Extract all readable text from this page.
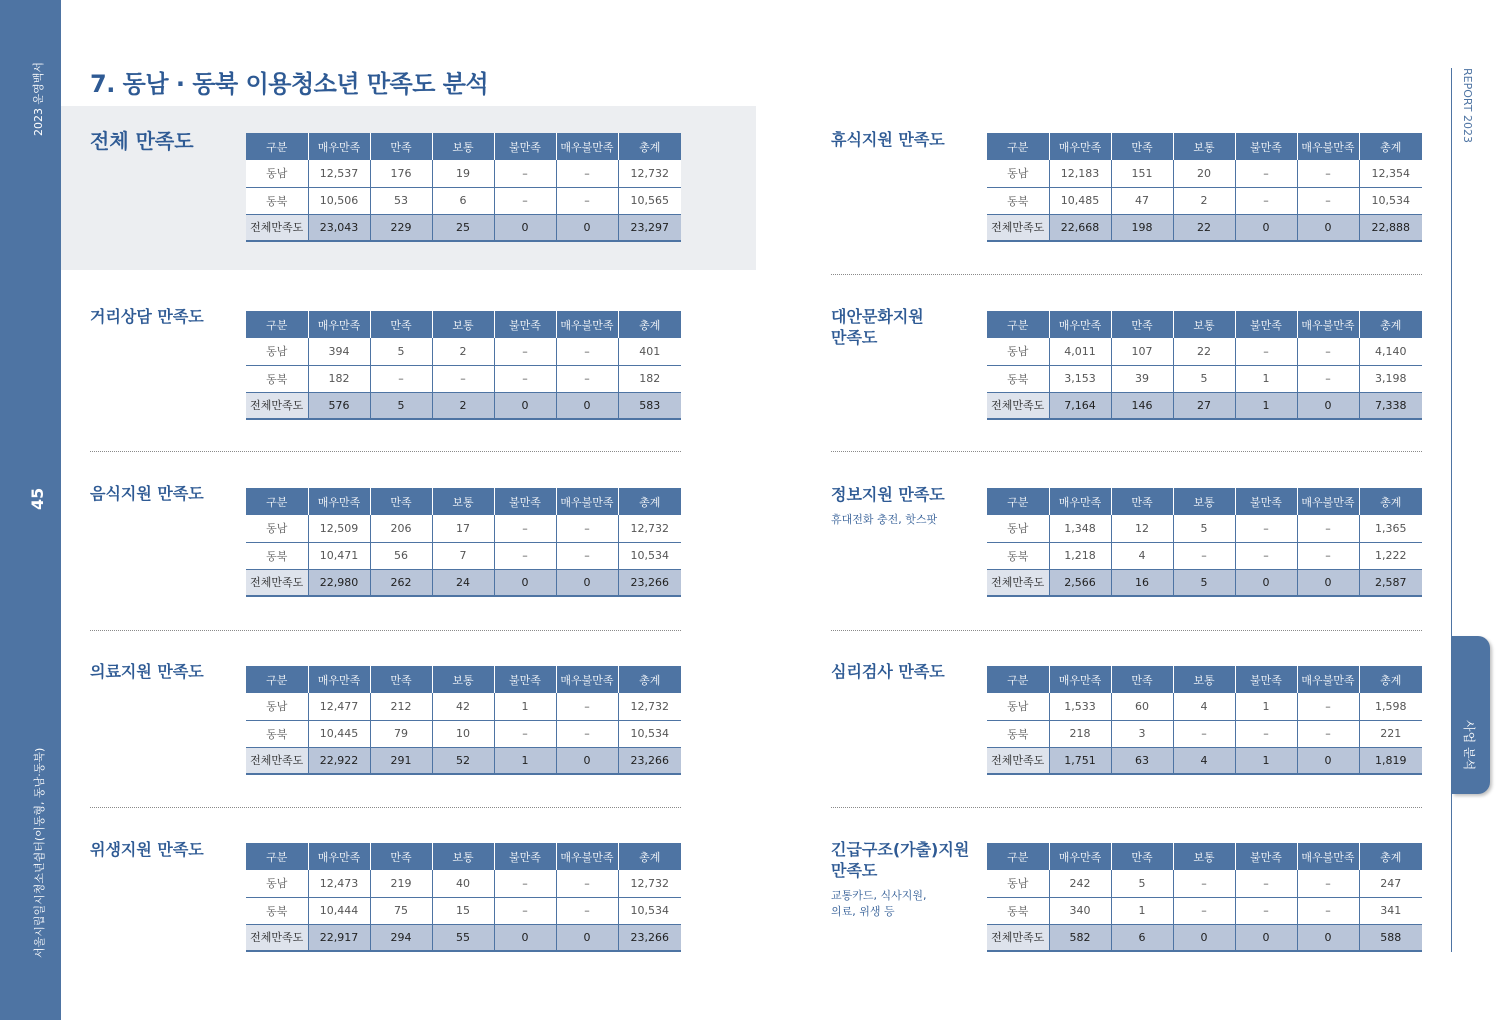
2023 운영백서
45
서울시립일시청소년쉼터(이동형, 동남·동북)
REPORT 2023
사업 분석
7. 동남 · 동북 이용청소년 만족도 분석
전체 만족도	구분	매우만족	만족	보통	불만족	매우불만족	총계
동남	12,537	176	19	–	–	12,732
동북	10,506	53	6	–	–	10,565
전체만족도	23,043	229	25	0	0	23,297
휴식지원 만족도	구분	매우만족	만족	보통	불만족	매우불만족	총계
동남	12,183	151	20	–	–	12,354
동북	10,485	47	2	–	–	10,534
전체만족도	22,668	198	22	0	0	22,888
거리상담 만족도	구분	매우만족	만족	보통	불만족	매우불만족	총계
동남	394	5	2	–	–	401
동북	182	–	–	–	–	182
전체만족도	576	5	2	0	0	583
대안문화지원
만족도
구분	매우만족	만족	보통	불만족	매우불만족	총계
동남	4,011	107	22	–	–	4,140
동북	3,153	39	5	1	–	3,198
전체만족도	7,164	146	27	1	0	7,338
음식지원 만족도	구분	매우만족	만족	보통	불만족	매우불만족	총계
동남	12,509	206	17	–	–	12,732
동북	10,471	56	7	–	–	10,534
전체만족도	22,980	262	24	0	0	23,266
정보지원 만족도
휴대전화 충전, 핫스팟
구분	매우만족	만족	보통	불만족	매우불만족	총계
동남	1,348	12	5	–	–	1,365
동북	1,218	4	–	–	–	1,222
전체만족도	2,566	16	5	0	0	2,587
의료지원 만족도	구분	매우만족	만족	보통	불만족	매우불만족	총계
동남	12,477	212	42	1	–	12,732
동북	10,445	79	10	–	–	10,534
전체만족도	22,922	291	52	1	0	23,266
심리검사 만족도	구분	매우만족	만족	보통	불만족	매우불만족	총계
동남	1,533	60	4	1	–	1,598
동북	218	3	–	–	–	221
전체만족도	1,751	63	4	1	0	1,819
위생지원 만족도	구분	매우만족	만족	보통	불만족	매우불만족	총계
동남	12,473	219	40	–	–	12,732
동북	10,444	75	15	–	–	10,534
전체만족도	22,917	294	55	0	0	23,266
긴급구조(가출)지원
만족도
교통카드, 식사지원,
의료, 위생 등
구분	매우만족	만족	보통	불만족	매우불만족	총계
동남	242	5	–	–	–	247
동북	340	1	–	–	–	341
전체만족도	582	6	0	0	0	588
